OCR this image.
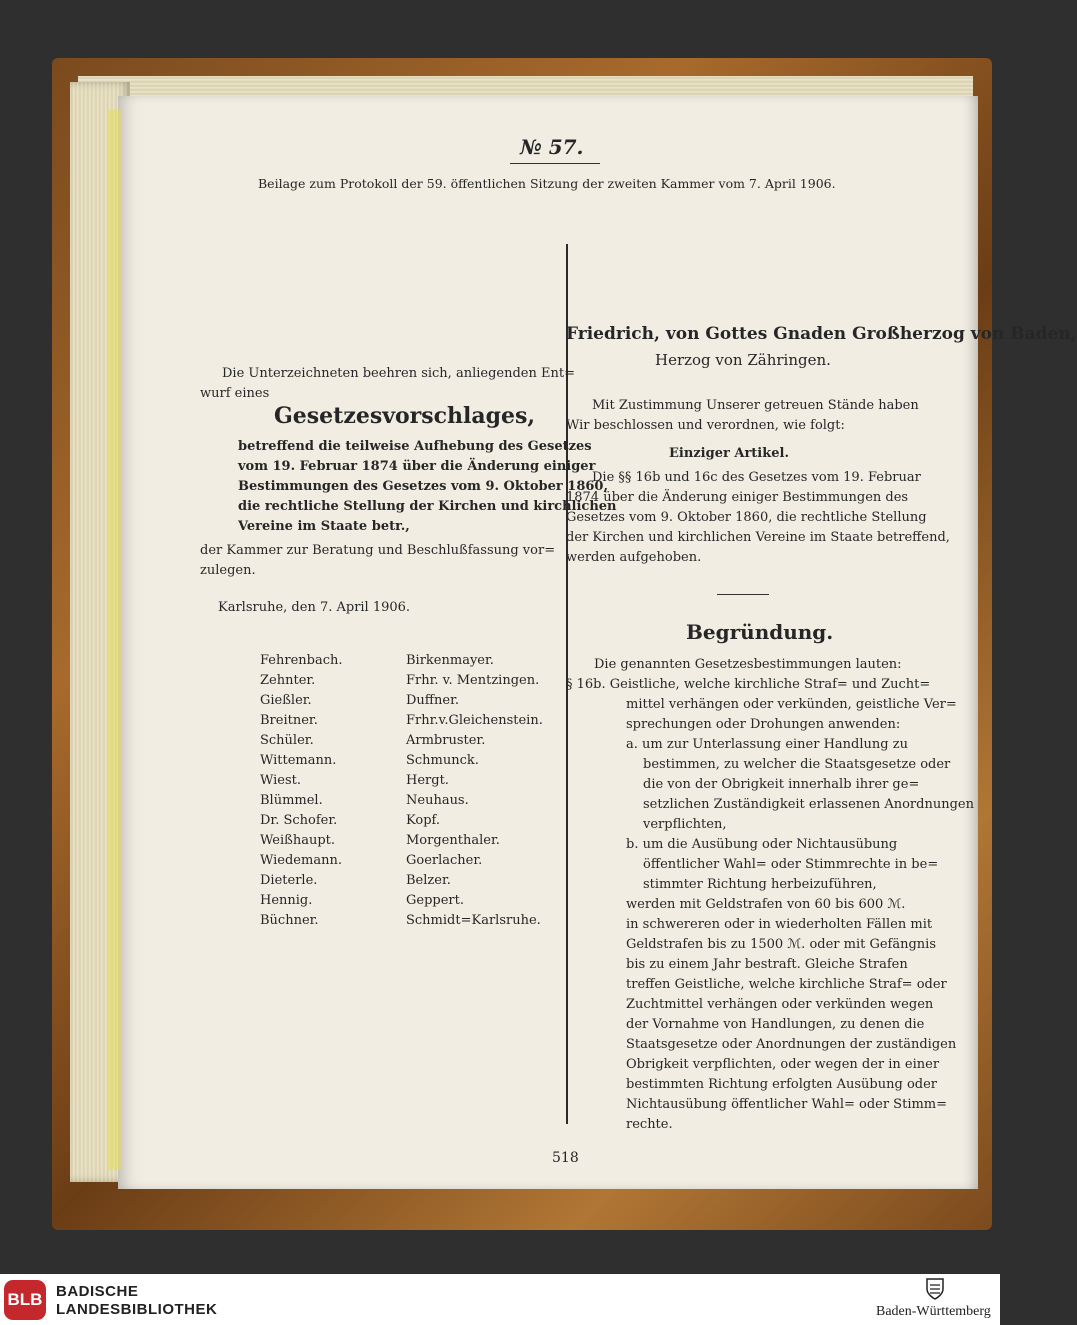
№ 57.
Beilage zum Protokoll der 59. öffentlichen Sitzung der zweiten Kammer vom 7. April 1906.
Die Unterzeichneten beehren sich, anliegenden Ent=
wurf eines
Gesetzesvorschlages,
betreffend die teilweise Aufhebung des Gesetzes
vom 19. Februar 1874 über die Änderung einiger
Bestimmungen des Gesetzes vom 9. Oktober 1860,
die rechtliche Stellung der Kirchen und kirchlichen
Vereine im Staate betr.,
der Kammer zur Beratung und Beschlußfassung vor=
zulegen.
Karlsruhe, den 7. April 1906.
Fehrenbach.
Zehnter.
Gießler.
Breitner.
Schüler.
Wittemann.
Wiest.
Blümmel.
Dr. Schofer.
Weißhaupt.
Wiedemann.
Dieterle.
Hennig.
Büchner.
Birkenmayer.
Frhr. v. Mentzingen.
Duffner.
Frhr.v.Gleichenstein.
Armbruster.
Schmunck.
Hergt.
Neuhaus.
Kopf.
Morgenthaler.
Goerlacher.
Belzer.
Geppert.
Schmidt=Karlsruhe.
Friedrich, von Gottes Gnaden Großherzog von Baden,
Herzog von Zähringen.
Mit Zustimmung Unserer getreuen Stände haben
Wir beschlossen und verordnen, wie folgt:
Einziger Artikel.
Die §§ 16b und 16c des Gesetzes vom 19. Februar
1874 über die Änderung einiger Bestimmungen des
Gesetzes vom 9. Oktober 1860, die rechtliche Stellung
der Kirchen und kirchlichen Vereine im Staate betreffend,
werden aufgehoben.
Begründung.
Die genannten Gesetzesbestimmungen lauten:
§ 16b. Geistliche, welche kirchliche Straf= und Zucht=
mittel verhängen oder verkünden, geistliche Ver=
sprechungen oder Drohungen anwenden:
a. um zur Unterlassung einer Handlung zu
bestimmen, zu welcher die Staatsgesetze oder
die von der Obrigkeit innerhalb ihrer ge=
setzlichen Zuständigkeit erlassenen Anordnungen
verpflichten,
b. um die Ausübung oder Nichtausübung
öffentlicher Wahl= oder Stimmrechte in be=
stimmter Richtung herbeizuführen,
werden mit Geldstrafen von 60 bis 600 ℳ.
in schwereren oder in wiederholten Fällen mit
Geldstrafen bis zu 1500 ℳ. oder mit Gefängnis
bis zu einem Jahr bestraft. Gleiche Strafen
treffen Geistliche, welche kirchliche Straf= oder
Zuchtmittel verhängen oder verkünden wegen
der Vornahme von Handlungen, zu denen die
Staatsgesetze oder Anordnungen der zuständigen
Obrigkeit verpflichten, oder wegen der in einer
bestimmten Richtung erfolgten Ausübung oder
Nichtausübung öffentlicher Wahl= oder Stimm=
rechte.
518
BLB BADISCHE
LANDESBIBLIOTHEK	Baden-Württemberg
